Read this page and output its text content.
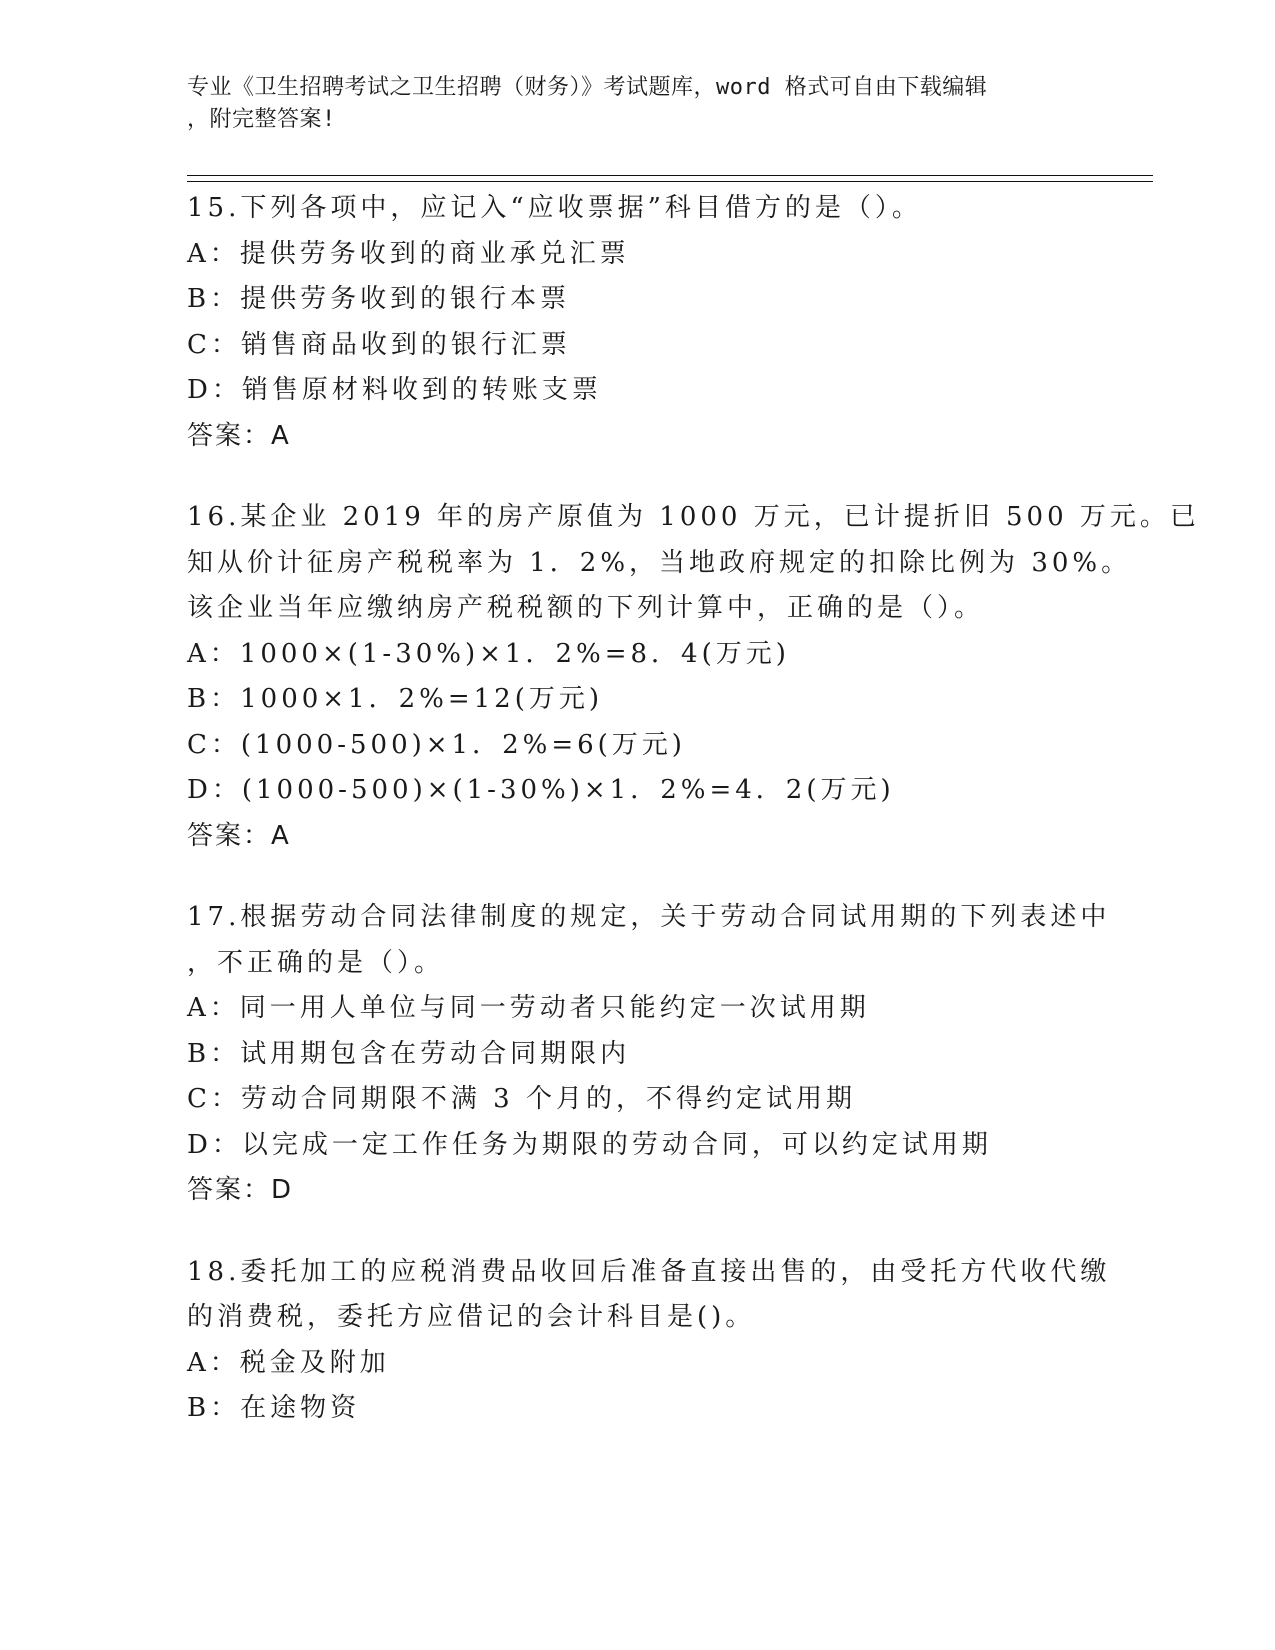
专业《卫生招聘考试之卫生招聘（财务）》考试题库，word 格式可自由下载编辑
，附完整答案!
15.下列各项中，应记入“应收票据”科目借方的是（）。
A：提供劳务收到的商业承兑汇票
B：提供劳务收到的银行本票
C：销售商品收到的银行汇票
D：销售原材料收到的转账支票
答案：A
16.某企业 2019 年的房产原值为 1000 万元，已计提折旧 500 万元。已
知从价计征房产税税率为 1．2%，当地政府规定的扣除比例为 30%。
该企业当年应缴纳房产税税额的下列计算中，正确的是（）。
A：1000×(1-30%)×1．2%=8．4(万元)
B：1000×1．2%=12(万元)
C：(1000-500)×1．2%=6(万元)
D：(1000-500)×(1-30%)×1．2%=4．2(万元)
答案：A
17.根据劳动合同法律制度的规定，关于劳动合同试用期的下列表述中
，不正确的是（）。
A：同一用人单位与同一劳动者只能约定一次试用期
B：试用期包含在劳动合同期限内
C：劳动合同期限不满 3 个月的，不得约定试用期
D：以完成一定工作任务为期限的劳动合同，可以约定试用期
答案：D
18.委托加工的应税消费品收回后准备直接出售的，由受托方代收代缴
的消费税，委托方应借记的会计科目是()。
A：税金及附加
B：在途物资
